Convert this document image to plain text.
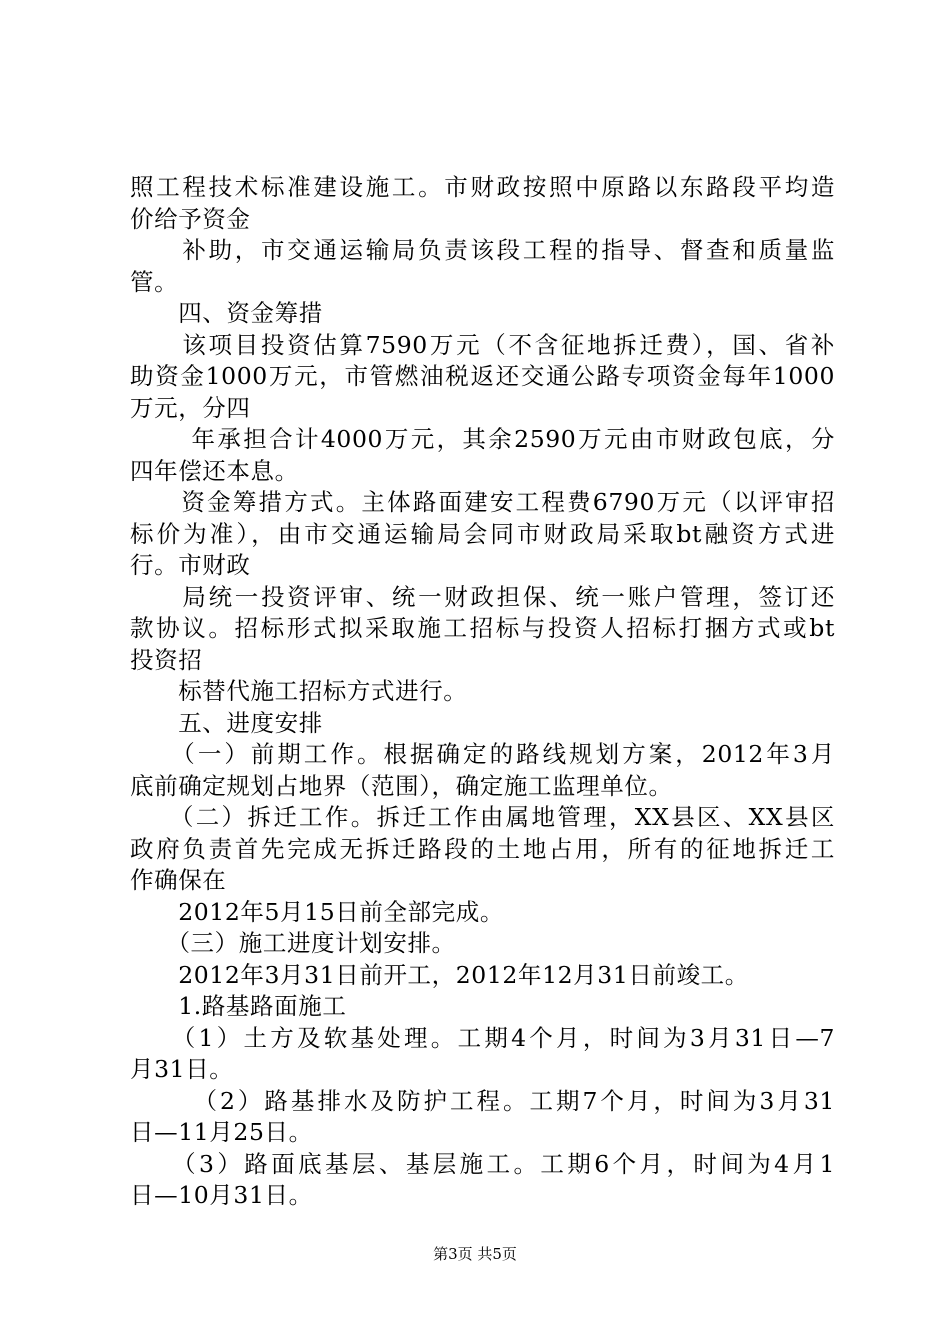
照工程技术标准建设施工。市财政按照中原路以东路段平均造
价给予资金
　　补助，市交通运输局负责该段工程的指导、督查和质量监
管。
　　四、资金筹措
　　该项目投资估算7590万元（不含征地拆迁费），国、省补
助资金1000万元，市管燃油税返还交通公路专项资金每年1000
万元，分四
　　 年承担合计4000万元，其余2590万元由市财政包底，分
四年偿还本息。
　　资金筹措方式。主体路面建安工程费6790万元（以评审招
标价为准），由市交通运输局会同市财政局采取bt融资方式进
行。市财政
　　局统一投资评审、统一财政担保、统一账户管理，签订还
款协议。招标形式拟采取施工招标与投资人招标打捆方式或bt
投资招
　　标替代施工招标方式进行。
　　五、进度安排
　　（一）前期工作。根据确定的路线规划方案，2012年3月
底前确定规划占地界（范围），确定施工监理单位。
　　（二）拆迁工作。拆迁工作由属地管理，XX县区、XX县区
政府负责首先完成无拆迁路段的土地占用，所有的征地拆迁工
作确保在
　　2012年5月15日前全部完成。
　　（三）施工进度计划安排。
　　2012年3月31日前开工，2012年12月31日前竣工。
　　1.路基路面施工
　　（1）土方及软基处理。工期4个月，时间为3月31日—7
月31日。
　　 （2）路基排水及防护工程。工期7个月，时间为3月31
日—11月25日。
　　（3）路面底基层、基层施工。工期6个月，时间为4月1
日—10月31日。
第3页 共5页
